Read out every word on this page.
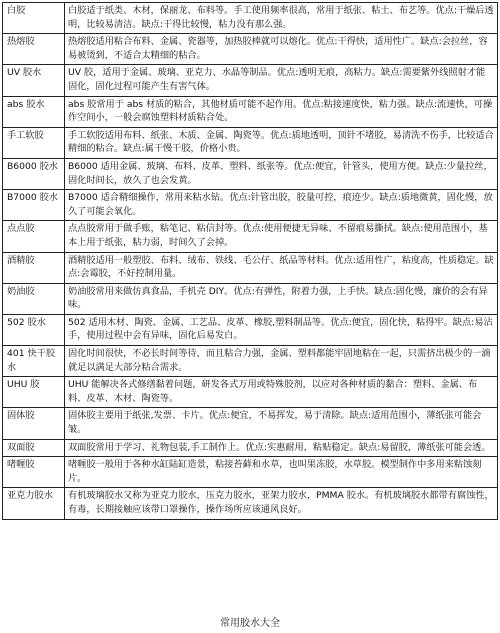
白胶	白胶适于纸类、木材，保丽龙、布料等。手工使用频率很高，常用于纸张、粘土、布艺等。优点:干燥后透明，比较易清洁。缺点:干得比较慢，粘力没有那么强。
热熔胶	热熔胶适用粘合布料、金属、瓷器等，加热胶棒就可以熔化。优点:干得快，适用性广。缺点:会拉丝，容易被烫到，不适合太精细的粘合。
UV 胶水	UV 胶，适用于金属、玻璃、亚克力、水晶等制品。优点:透明无痕，高粘力。缺点:需要紫外线照射才能固化，固化过程可能产生有害气体。
abs 胶水	abs 胶常用于 abs 材质的粘合，其他材质可能不起作用。优点:粘接速度快，粘力强。缺点:流速快，可操作空间小，一般会腐蚀塑料材质粘合处。
手工软胶	手工软胶适用布料、纸张、木质、金属、陶瓷等。优点:质地透明，顶针不堵胶，易清洗不伤手，比较适合精细的粘合。缺点:属干慢干胶，价格小贵。
B6000 胶水	B6000 适用金属、玻璃、布料、皮革、塑料、纸张等。优点:便宜，针管头，使用方便。缺点:少量拉丝，固化时间长，放久了也会发黄。
B7000 胶水	B7000 适合精细操作，常用来粘水钻。优点:针管出胶，胶量可控，痕迹少。缺点:质地微黄，固化慢，放久了可能会氧化。
点点胶	点点胶常用于做手账，粘笔记、粘信封等。优点:使用便捷无异味、不留痕易撕拭。缺点:使用范围小，基本上用于纸张，粘力弱，时间久了会掉。
酒精胶	酒精胶适用一般塑胶、布料、绒布、铁线、毛公仔、纸品等材料。优点:适用性广，粘度高，性质稳定。缺点:会霉胶，不好控制用量。
奶油胶	奶油胶常用来做仿真食品，手机壳 DIY。优点:有弹性，附着力强，上手快。缺点:固化慢，廉价的会有异味。
502 胶水	502 适用木材、陶瓷、金属、工艺品、皮革、橡胶,塑料制品等。优点:便宜，固化快，粘得牢。缺点:易沾手，使用过程中会有异味，固化后易发白。
401 快干胶水	固化时间很快，不必长时间等待，而且粘合力强，金属、塑料都能牢固地粘在一起，只需挤出极少的一滴就足以满足大部分粘合需求。
UHU 胶	UHU 能解决各式修缮黏着问题，研发各式万用或特殊胶剂，以应对各种材质的黏合：塑料、金属、布料、皮革、木材、陶瓷等。
固体胶	固体胶主要用于纸张,发票、卡片。优点:便宜，不易挥发，易于清除。缺点:适用范围小，薄纸张可能会皱。
双面胶	双面胶常用于学习、礼物包装,手工制作上。优点:实惠耐用，粘贴稳定。缺点:易留胶，薄纸张可能会透。
啫喱胶	啫喱胶一般用于各种水缸陆缸造景，粘接苔藓和水草，也叫果冻胶，水草胶。模型制作中多用来粘蚀刻片。
亚克力胶水	有机玻璃胶水又称为亚克力胶水，压克力胶水，亚架力胶水，PMMA 胶水。有机玻璃胶水都带有腐蚀性，有毒，长期接触应该带口罩操作，操作场所应该通风良好。
常用胶水大全
